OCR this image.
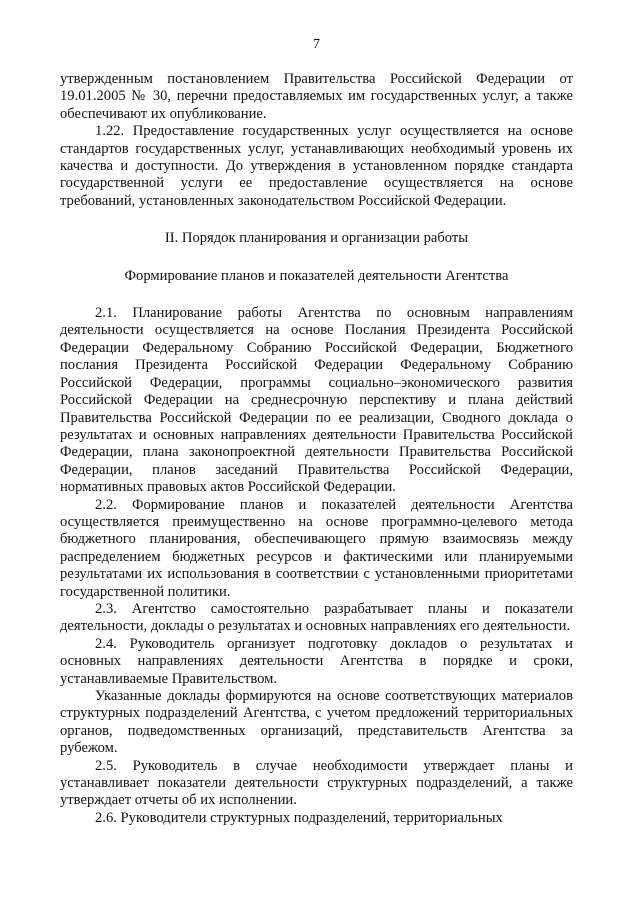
7

утвержденным постановлением Правительства Российской Федерации от 19.01.2005 № 30, перечни предоставляемых им государственных услуг, а также обеспечивают их опубликование.

1.22. Предоставление государственных услуг осуществляется на основе стандартов государственных услуг, устанавливающих необходимый уровень их качества и доступности. До утверждения в установленном порядке стандарта государственной услуги ее предоставление осуществляется на основе требований, установленных законодательством Российской Федерации.

II. Порядок планирования и организации работы

Формирование планов и показателей деятельности Агентства

2.1. Планирование работы Агентства по основным направлениям деятельности осуществляется на основе Послания Президента Российской Федерации Федеральному Собранию Российской Федерации, Бюджетного послания Президента Российской Федерации Федеральному Собранию Российской Федерации, программы социально–экономического развития Российской Федерации на среднесрочную перспективу и плана действий Правительства Российской Федерации по ее реализации, Сводного доклада о результатах и основных направлениях деятельности Правительства Российской Федерации, плана законопроектной деятельности Правительства Российской Федерации, планов заседаний Правительства Российской Федерации, нормативных правовых актов Российской Федерации.

2.2. Формирование планов и показателей деятельности Агентства осуществляется преимущественно на основе программно-целевого метода бюджетного планирования, обеспечивающего прямую взаимосвязь между распределением бюджетных ресурсов и фактическими или планируемыми результатами их использования в соответствии с установленными приоритетами государственной политики.

2.3. Агентство самостоятельно разрабатывает планы и показатели деятельности, доклады о результатах и основных направлениях его деятельности.

2.4. Руководитель организует подготовку докладов о результатах и основных направлениях деятельности Агентства в порядке и сроки, устанавливаемые Правительством.

Указанные доклады формируются на основе соответствующих материалов структурных подразделений Агентства, с учетом предложений территориальных органов, подведомственных организаций, представительств Агентства за рубежом.

2.5. Руководитель в случае необходимости утверждает планы и устанавливает показатели деятельности структурных подразделений, а также утверждает отчеты об их исполнении.

2.6. Руководители структурных подразделений, территориальных
